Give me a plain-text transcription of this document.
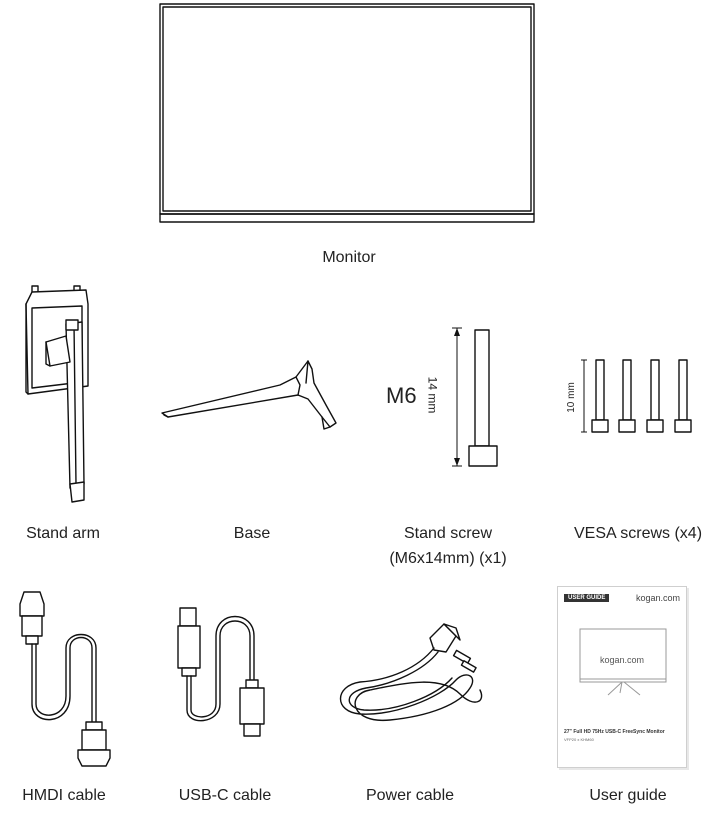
Monitor
Stand arm	Base
M6 14 mm
Stand screw
(M6x14mm) (x1)
10 mm
VESA screws (x4)
HMDI cable	USB-C cable	Power cable
USER GUIDE	kogan.com
kogan.com
27" Full HD 75Hz USB-C FreeSync Monitor
VFP20 x KHM60
User guide
